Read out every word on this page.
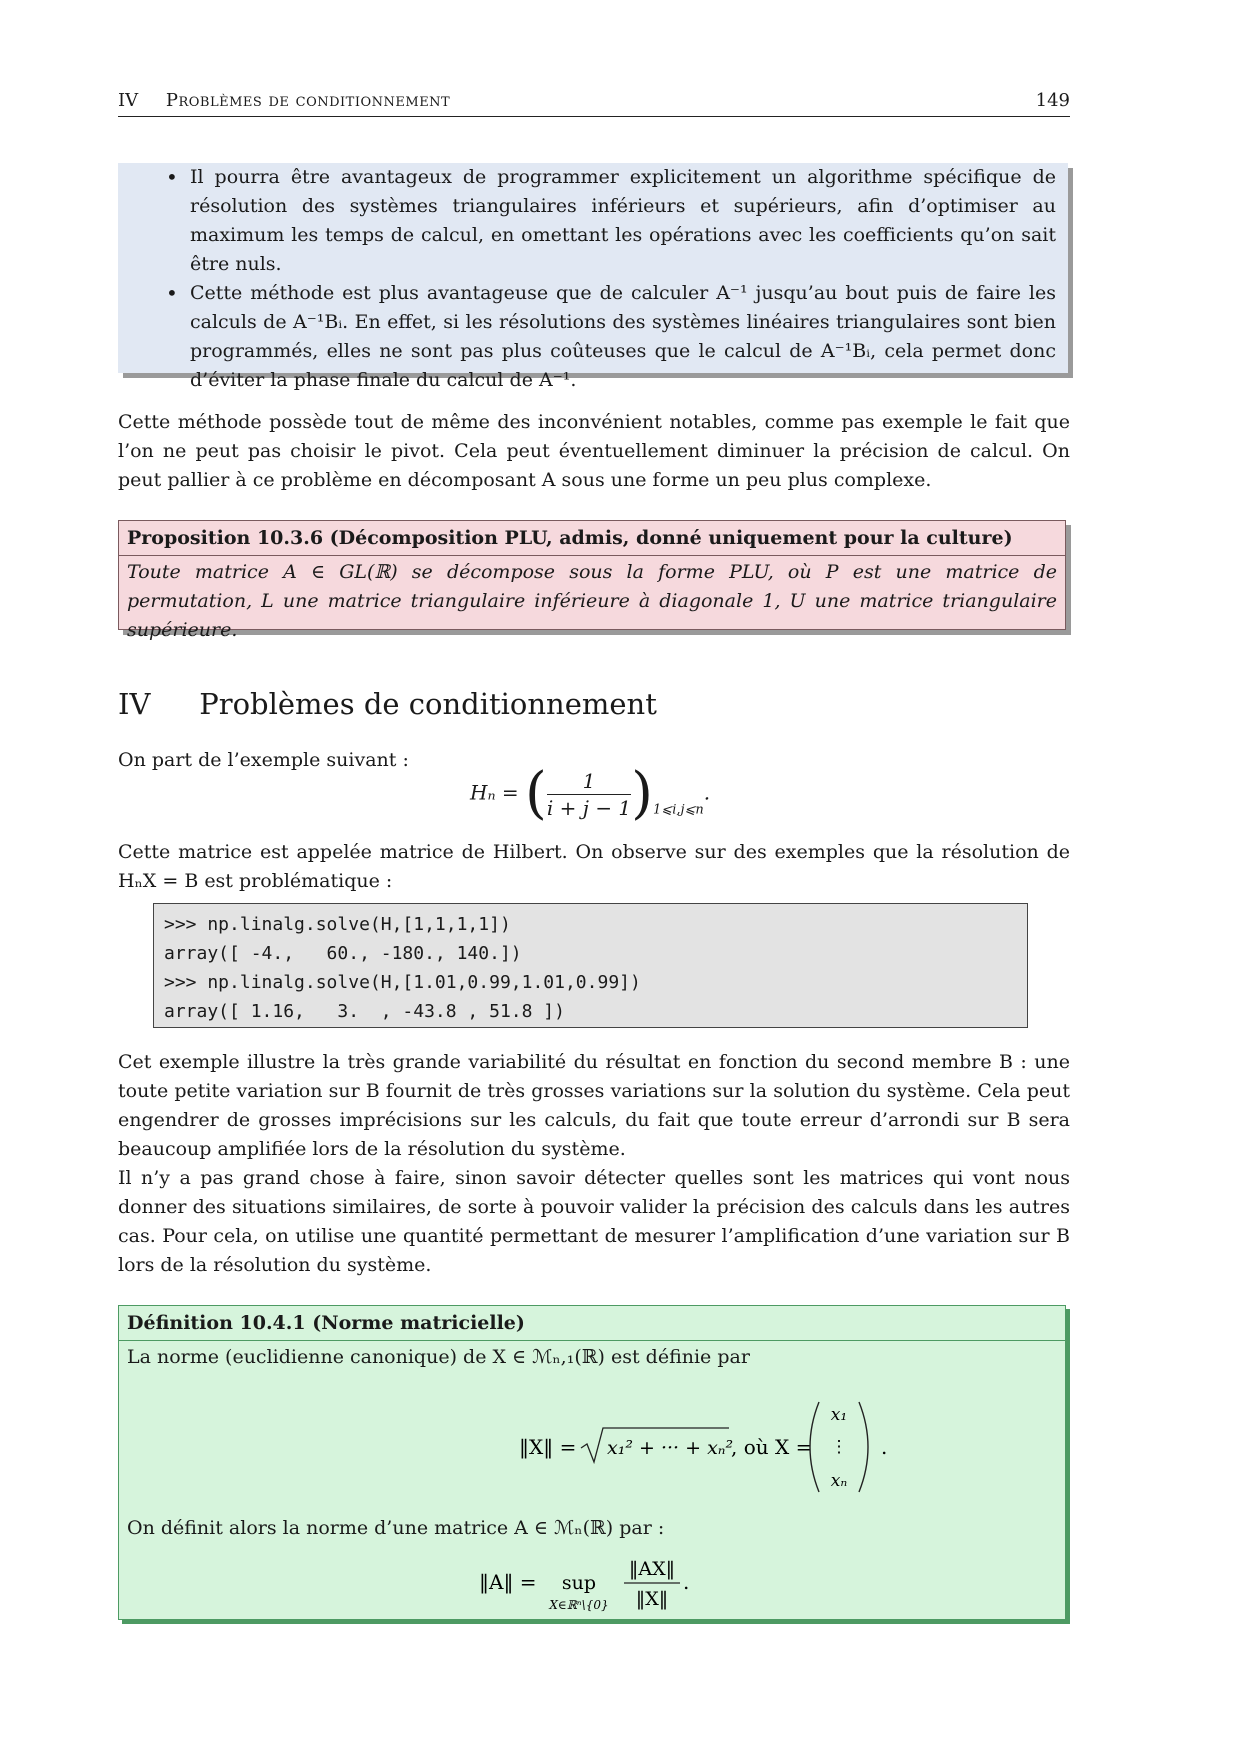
IV Problèmes de conditionnement	149
• Il pourra être avantageux de programmer explicitement un algorithme spécifique de résolution des systèmes triangulaires inférieurs et supérieurs, afin d’optimiser au maximum les temps de calcul, en omettant les opérations avec les coefficients qu’on sait être nuls.
• Cette méthode est plus avantageuse que de calculer A⁻¹ jusqu’au bout puis de faire les calculs de A⁻¹Bᵢ. En effet, si les résolutions des systèmes linéaires triangulaires sont bien programmés, elles ne sont pas plus coûteuses que le calcul de A⁻¹Bᵢ, cela permet donc d’éviter la phase finale du calcul de A⁻¹.
Cette méthode possède tout de même des inconvénient notables, comme pas exemple le fait que l’on ne peut pas choisir le pivot. Cela peut éventuellement diminuer la précision de calcul. On peut pallier à ce problème en décomposant A sous une forme un peu plus complexe.
Proposition 10.3.6 (Décomposition PLU, admis, donné uniquement pour la culture)
Toute matrice A ∈ GL(ℝ) se décompose sous la forme PLU, où P est une matrice de permutation, L une matrice triangulaire inférieure à diagonale 1, U une matrice triangulaire supérieure.
IV Problèmes de conditionnement
On part de l’exemple suivant :
Hₙ = ( $\frac{1}{i + j - 1} )_{1⩽i,j⩽n}$.
Cette matrice est appelée matrice de Hilbert. On observe sur des exemples que la résolution de HₙX = B est problématique :
>>> np.linalg.solve(H,[1,1,1,1])
array([ -4.,   60., -180., 140.])
>>> np.linalg.solve(H,[1.01,0.99,1.01,0.99])
array([ 1.16,   3.  , -43.8 , 51.8 ])
Cet exemple illustre la très grande variabilité du résultat en fonction du second membre B : une toute petite variation sur B fournit de très grosses variations sur la solution du système. Cela peut engendrer de grosses imprécisions sur les calculs, du fait que toute erreur d’arrondi sur B sera beaucoup amplifiée lors de la résolution du système.
Il n’y a pas grand chose à faire, sinon savoir détecter quelles sont les matrices qui vont nous donner des situations similaires, de sorte à pouvoir valider la précision des calculs dans les autres cas. Pour cela, on utilise une quantité permettant de mesurer l’amplification d’une variation sur B lors de la résolution du système.
Définition 10.4.1 (Norme matricielle)
La norme (euclidienne canonique) de X ∈ ℳₙ,₁(ℝ) est définie par
‖X‖ = x₁² + ··· + xₙ²
, où X =
x₁
⋮
xₙ
.
On définit alors la norme d’une matrice A ∈ ℳₙ(ℝ) par :
‖A‖ = sup
X∈ℝⁿ\{0}
‖AX‖
‖X‖
.
